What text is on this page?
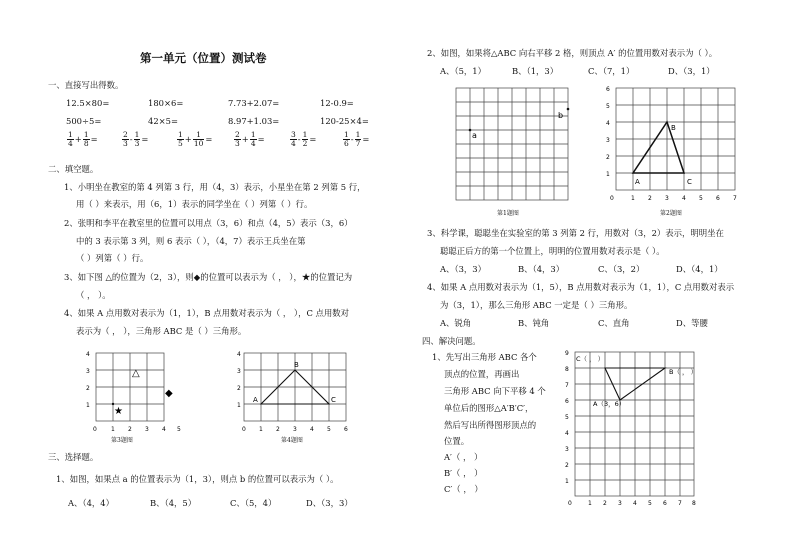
第一单元（位置）测试卷
一、直接写出得数。
12.5×80=	180×6=	7.73+2.07=	12-0.9=
500÷5=	42×5=	8.97+1.03=	120-25×4=
$\frac{1}{4} + \frac{1}{8}$ =	$\frac{2}{3} - \frac{1}{3}$ =	$\frac{1}{5} + \frac{1}{10}$ =	$\frac{2}{3} + \frac{1}{4}$ =	$\frac{3}{4} - \frac{1}{2}$ =	$\frac{1}{6} - \frac{1}{7}$ =
二、填空题。
1、小明坐在教室的第 4 列第 3 行，用（4，3）表示，小星坐在第 2 列第 5 行，
用（ ）来表示，用（6，1）表示的同学坐在（ ）列第（ ）行。
2、张明和李平在教室里的位置可以用点（3，6）和点（4，5）表示（3，6）
中的 3 表示第 3 列，则 6 表示（ ），（4，7）表示王兵坐在第
（ ）列第（ ）行。
3、如下图 △的位置为（2，3），则◆的位置可以表示为（ ， ），★的位置记为
（ ， ）。
4、如果 A 点用数对表示为（1，1），B 点用数对表示为（ ， ），C 点用数对
表示为（ ， ），三角形 ABC 是（ ）三角形。
4
3
2
1
0 1 2 3 4 5
△
◆
★
第3题图
4
3
2
1
0 1 2 3 4 5 6
A
B
C
第4题图
三、选择题。
1、如图，如果点 a 的位置表示为（1，3），则点 b 的位置可以表示为（ ）。
A、（4，4）	B、（4，5）	C、（5，4）	D、（3，3）
2、如图，如果将△ABC 向右平移 2 格，则顶点 A′ 的位置用数对表示为（ ）。
A、（5，1）	B、（1，3）	C、（7，1）	D、（3，1）
a
b
第1题图
6
5
4
3
2
1
0	1 2 3 4 5 6 7
A
B
C
第2题图
3、科学课，聪聪坐在实验室的第 3 列第 2 行，用数对（3，2）表示，明明坐在
聪聪正后方的第一个位置上，明明的位置用数对表示是（ ）。
A、（3，3）	B、（4，3）	C、（3，2）	D、（4，1）
4、如果 A 点用数对表示为（1，5），B 点用数对表示为（1，1），C 点用数对表示
为（3，1），那么三角形 ABC 一定是（ ）三角形。
A、锐角	B、钝角	C、直角	D、等腰
四、解决问题。
1、先写出三角形 ABC 各个
顶点的位置，再画出
三角形 ABC 向下平移 4 个
单位后的图形△A′B′C′，
然后写出所得图形顶点的
位置。
A′（ ， ）
B′（ ， ）
C′（ ， ）
9
8
7
6
5
4
3
2
1
0	1 2 3 4 5 6 7 8
C（ ， ）
B（ ， ）
A（3，6）
